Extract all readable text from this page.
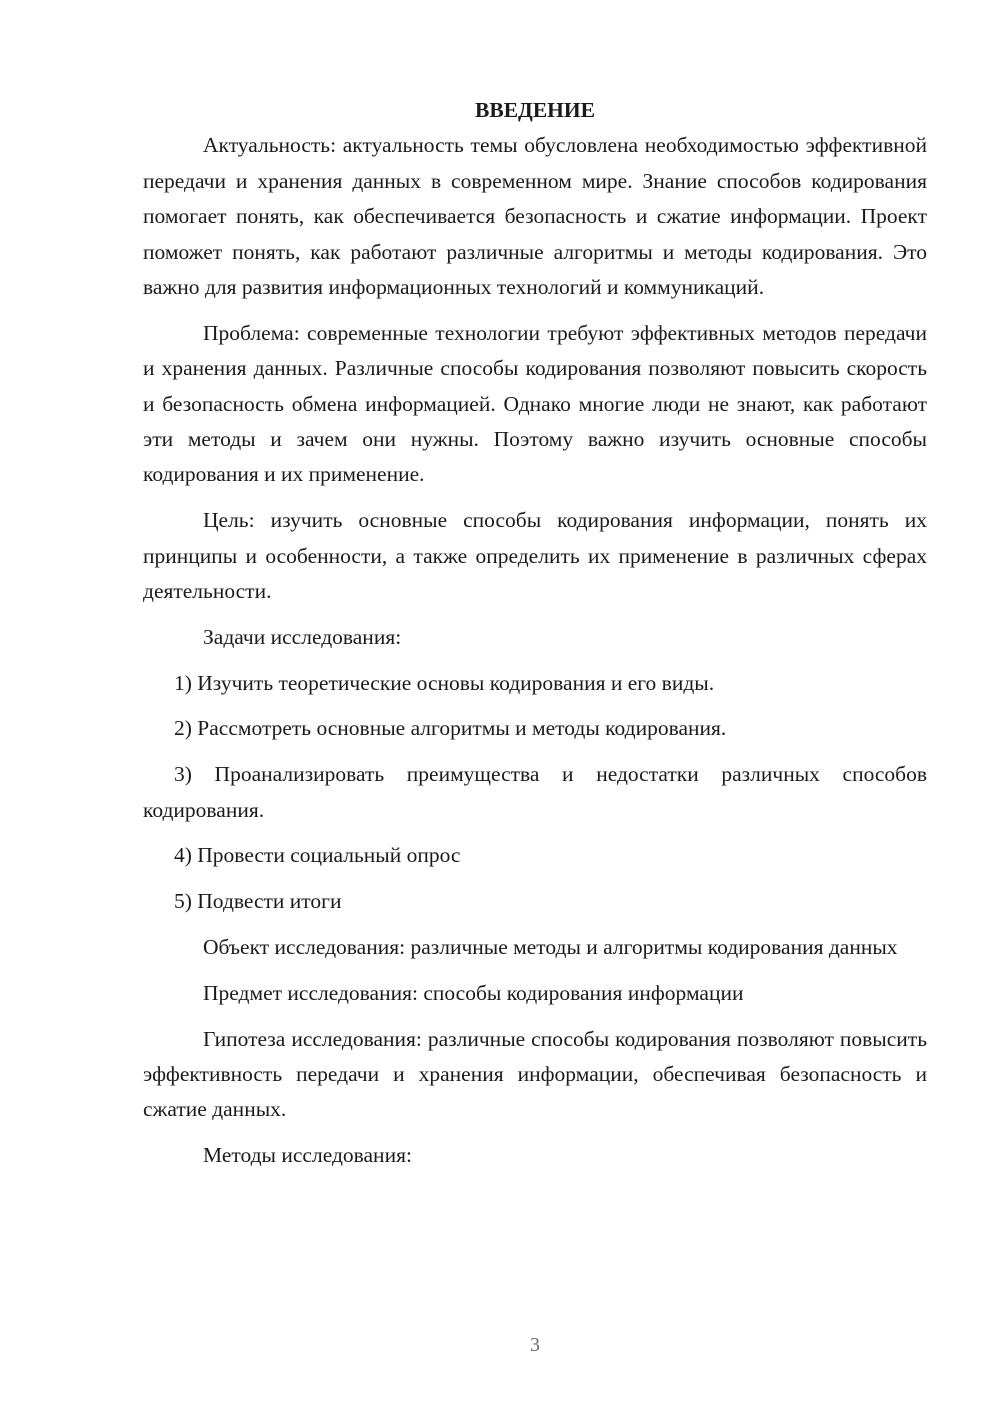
ВВЕДЕНИЕ

Актуальность: актуальность темы обусловлена необходимостью эффективной передачи и хранения данных в современном мире. Знание способов кодирования помогает понять, как обеспечивается безопасность и сжатие информации. Проект поможет понять, как работают различные алгоритмы и методы кодирования. Это важно для развития информационных технологий и коммуникаций.

Проблема: современные технологии требуют эффективных методов передачи и хранения данных. Различные способы кодирования позволяют повысить скорость и безопасность обмена информацией. Однако многие люди не знают, как работают эти методы и зачем они нужны. Поэтому важно изучить основные способы кодирования и их применение.

Цель: изучить основные способы кодирования информации, понять их принципы и особенности, а также определить их применение в различных сферах деятельности.

Задачи исследования:

1) Изучить теоретические основы кодирования и его виды.

2) Рассмотреть основные алгоритмы и методы кодирования.

3) Проанализировать преимущества и недостатки различных способов кодирования.

4) Провести социальный опрос

5) Подвести итоги

Объект исследования: различные методы и алгоритмы кодирования данных

Предмет исследования: способы кодирования информации

Гипотеза исследования: различные способы кодирования позволяют повысить эффективность передачи и хранения информации, обеспечивая безопасность и сжатие данных.

Методы исследования:

3
